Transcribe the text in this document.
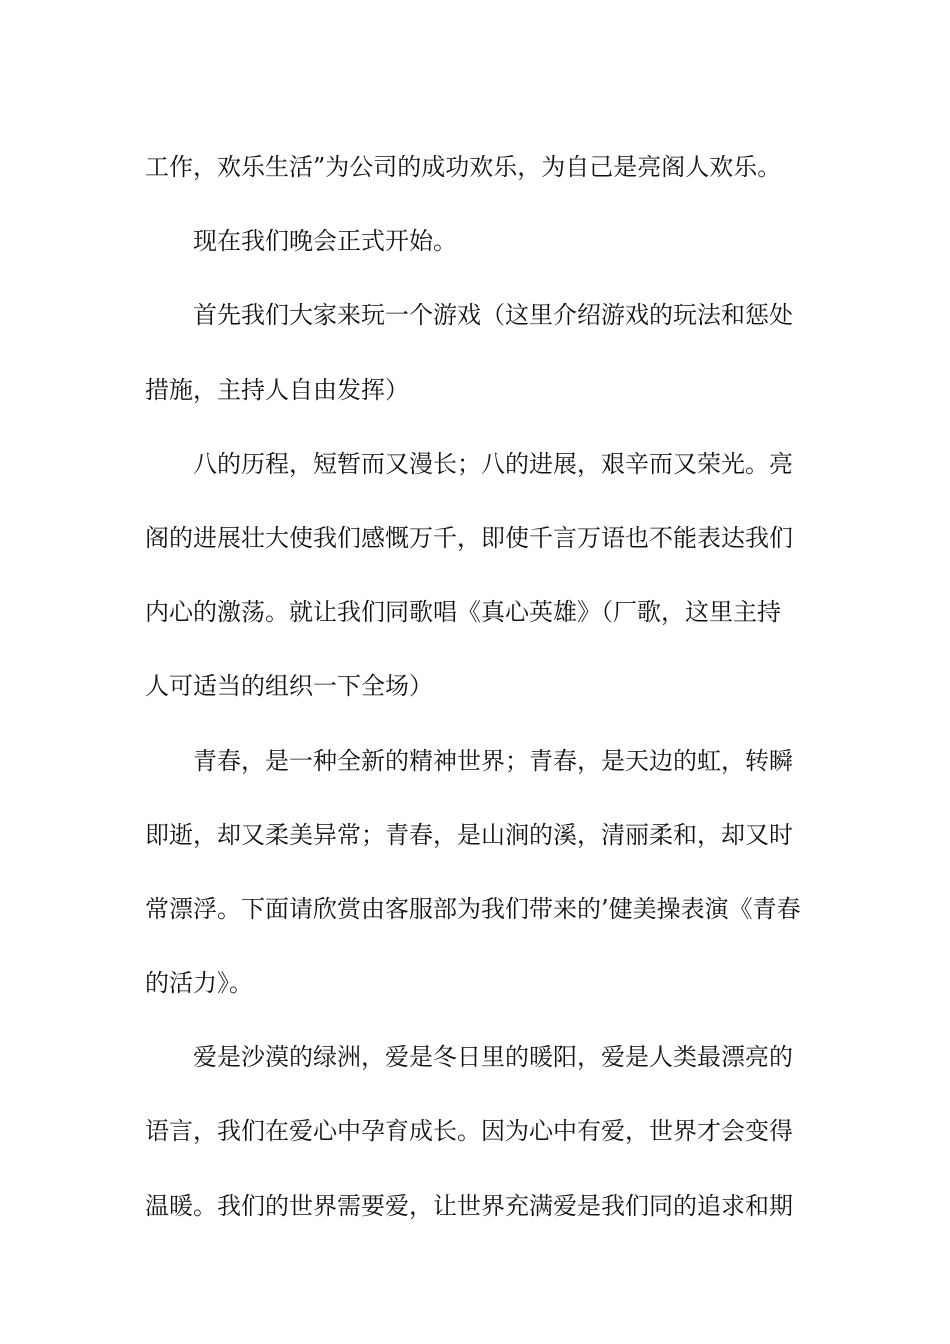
工作，欢乐生活”为公司的成功欢乐，为自己是亮阁人欢乐。
现在我们晚会正式开始。
首先我们大家来玩一个游戏（这里介绍游戏的玩法和惩处
措施，主持人自由发挥）
八的历程，短暂而又漫长；八的进展，艰辛而又荣光。亮
阁的进展壮大使我们感慨万千，即使千言万语也不能表达我们
内心的激荡。就让我们同歌唱《真心英雄》（厂歌，这里主持
人可适当的组织一下全场）
青春，是一种全新的精神世界；青春，是天边的虹，转瞬
即逝，却又柔美异常；青春，是山涧的溪，清丽柔和，却又时
常漂浮。下面请欣赏由客服部为我们带来的’健美操表演《青春
的活力》。
爱是沙漠的绿洲，爱是冬日里的暖阳，爱是人类最漂亮的
语言，我们在爱心中孕育成长。因为心中有爱，世界才会变得
温暖。我们的世界需要爱，让世界充满爱是我们同的追求和期
